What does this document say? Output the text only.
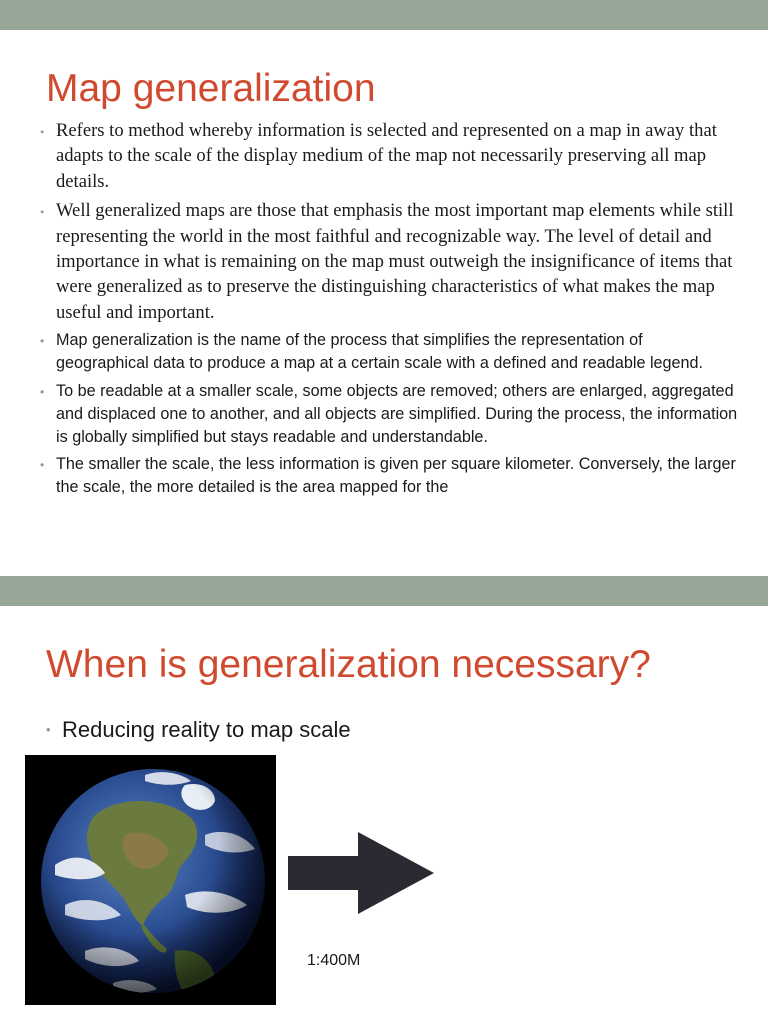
Map generalization
• Refers to method whereby information is selected and represented on a map in away that adapts to the scale of the display medium of the map not necessarily preserving all map details.
• Well generalized maps are those that emphasis the most important map elements while still representing the world in the most faithful and recognizable way. The level of detail and importance in what is remaining on the map must outweigh the insignificance of items that were generalized as to preserve the distinguishing characteristics of what makes the map useful and important.
• Map generalization is the name of the process that simplifies the representation of geographical data to produce a map at a certain scale with a defined and readable legend.
• To be readable at a smaller scale, some objects are removed; others are enlarged, aggregated and displaced one to another, and all objects are simplified. During the process, the information is globally simplified but stays readable and understandable.
• The smaller the scale, the less information is given per square kilometer. Conversely, the larger the scale, the more detailed is the area mapped for the
When is generalization necessary?
• Reducing reality to map scale
1:400M
